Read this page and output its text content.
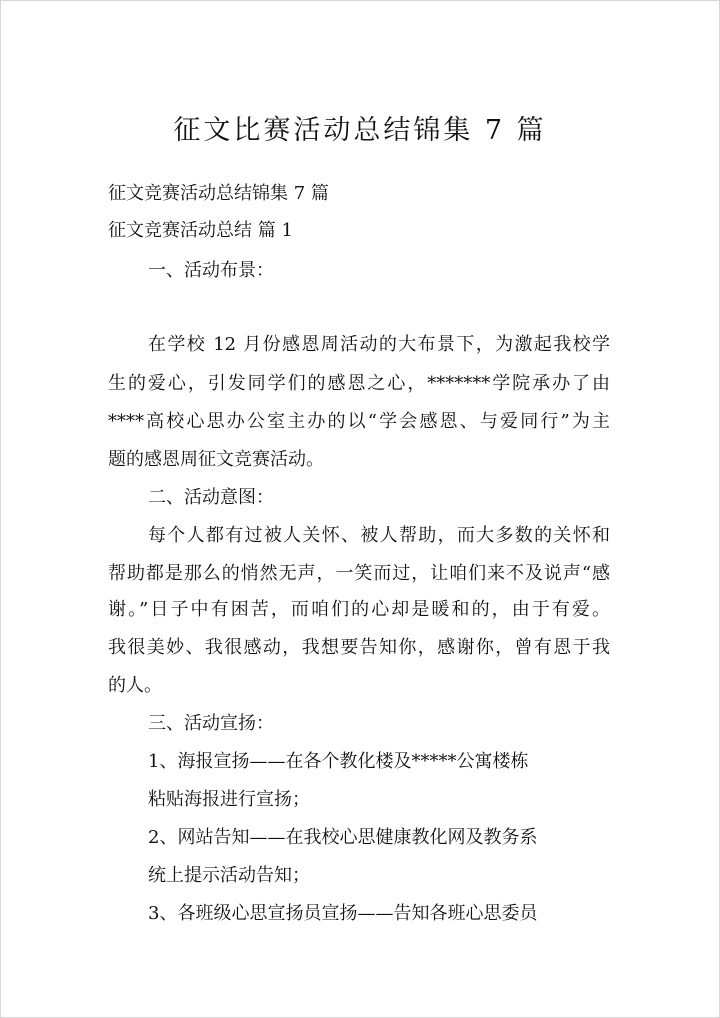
征文比赛活动总结锦集 7 篇
征文竞赛活动总结锦集 7 篇
征文竞赛活动总结 篇 1
一、活动布景：
在学校 12 月份感恩周活动的大布景下，为激起我校学
生的爱心，引发同学们的感恩之心，*******学院承办了由
****高校心思办公室主办的以“学会感恩、与爱同行”为主
题的感恩周征文竞赛活动。
二、活动意图：
每个人都有过被人关怀、被人帮助，而大多数的关怀和
帮助都是那么的悄然无声，一笑而过，让咱们来不及说声“感
谢。”日子中有困苦，而咱们的心却是暖和的，由于有爱。
我很美妙、我很感动，我想要告知你，感谢你，曾有恩于我
的人。
三、活动宣扬：
1、海报宣扬——在各个教化楼及*****公寓楼栋
粘贴海报进行宣扬；
2、网站告知——在我校心思健康教化网及教务系
统上提示活动告知；
3、各班级心思宣扬员宣扬——告知各班心思委员
